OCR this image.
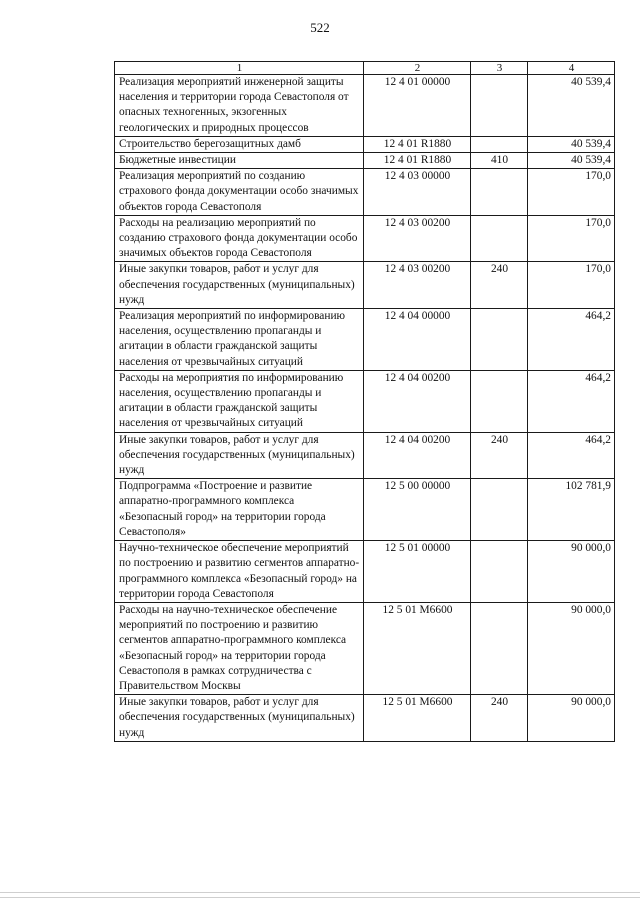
522
1	2	3	4
Реализация мероприятий инженерной защиты населения и территории города Севастополя от опасных техногенных, экзогенных геологических и природных процессов	12 4 01 00000		40 539,4
Строительство берегозащитных дамб	12 4 01 R1880		40 539,4
Бюджетные инвестиции	12 4 01 R1880	410	40 539,4
Реализация мероприятий по созданию страхового фонда документации особо значимых объектов города Севастополя	12 4 03 00000		170,0
Расходы на реализацию мероприятий по созданию страхового фонда документации особо значимых объектов города Севастополя	12 4 03 00200		170,0
Иные закупки товаров, работ и услуг для обеспечения государственных (муниципальных) нужд	12 4 03 00200	240	170,0
Реализация мероприятий по информированию населения, осуществлению пропаганды и агитации в области гражданской защиты населения от чрезвычайных ситуаций	12 4 04 00000		464,2
Расходы на мероприятия по информированию населения, осуществлению пропаганды и агитации в области гражданской защиты населения от чрезвычайных ситуаций	12 4 04 00200		464,2
Иные закупки товаров, работ и услуг для обеспечения государственных (муниципальных) нужд	12 4 04 00200	240	464,2
Подпрограмма «Построение и развитие аппаратно-программного комплекса «Безопасный город» на территории города Севастополя»	12 5 00 00000		102 781,9
Научно-техническое обеспечение мероприятий по построению и развитию сегментов аппаратно-программного комплекса «Безопасный город» на территории города Севастополя	12 5 01 00000		90 000,0
Расходы на научно-техническое обеспечение мероприятий по построению и развитию сегментов аппаратно-программного комплекса «Безопасный город» на территории города Севастополя в рамках сотрудничества с Правительством Москвы	12 5 01 M6600		90 000,0
Иные закупки товаров, работ и услуг для обеспечения государственных (муниципальных) нужд	12 5 01 M6600	240	90 000,0
